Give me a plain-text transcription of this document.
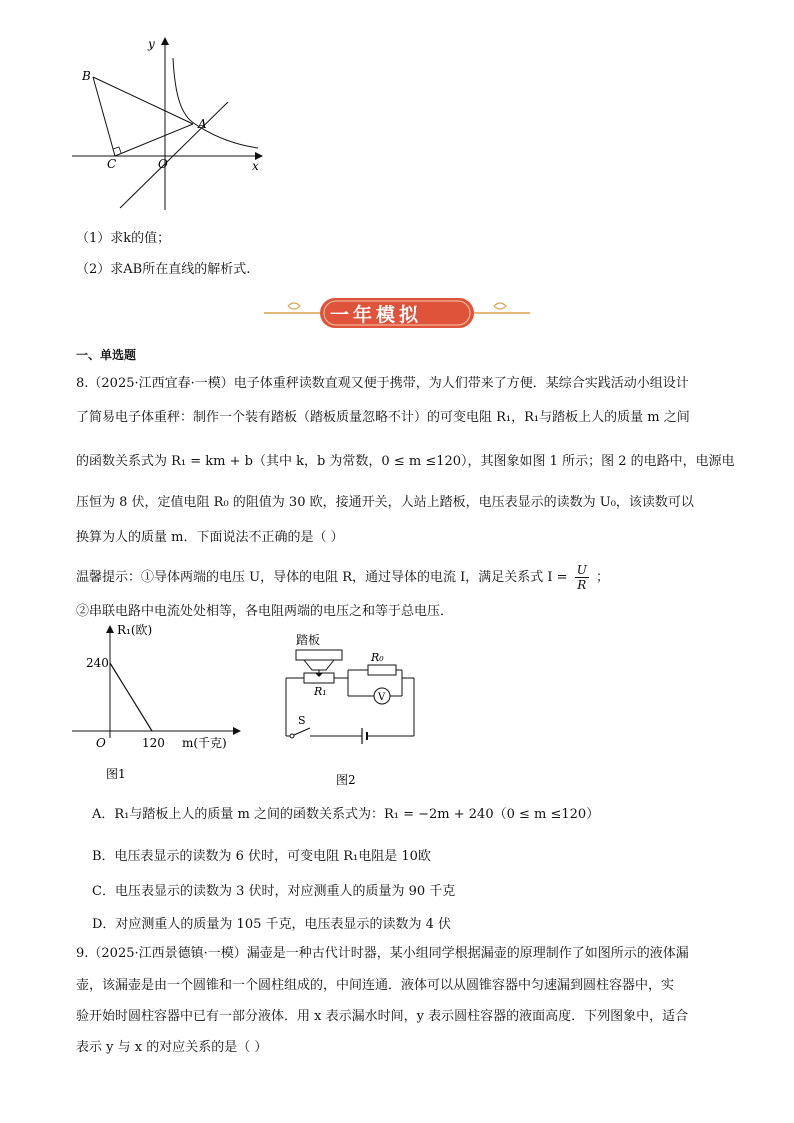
y
x
B
A
C	O
（1）求k的值；
（2）求AB所在直线的解析式.
一年模拟
一、单选题
8.（2025·江西宜春·一模）电子体重秤读数直观又便于携带，为人们带来了方便．某综合实践活动小组设计
了简易电子体重秤：制作一个装有踏板（踏板质量忽略不计）的可变电阻 R₁，R₁与踏板上人的质量 m 之间
的函数关系式为 R₁ = km + b（其中 k，b 为常数，0 ≤ m ≤120），其图象如图 1 所示；图 2 的电路中，电源电
压恒为 8 伏，定值电阻 R₀ 的阻值为 30 欧，接通开关，人站上踏板，电压表显示的读数为 U₀，该读数可以
换算为人的质量 m．下面说法不正确的是（ ）
温馨提示：①导体两端的电压 U，导体的电阻 R，通过导体的电流 I，满足关系式 $I = \frac{U}{R}$ ；
②串联电路中电流处处相等，各电阻两端的电压之和等于总电压．
R₁(欧)
240
O	120 m(千克)
图1
踏板
R₀
R₁	V
S
图2
A．R₁与踏板上人的质量 m 之间的函数关系式为：R₁ = −2m + 240（0 ≤ m ≤120）
B．电压表显示的读数为 6 伏时，可变电阻 R₁电阻是 10欧
C．电压表显示的读数为 3 伏时，对应测重人的质量为 90 千克
D．对应测重人的质量为 105 千克，电压表显示的读数为 4 伏
9.（2025·江西景德镇·一模）漏壶是一种古代计时器，某小组同学根据漏壶的原理制作了如图所示的液体漏
壶，该漏壶是由一个圆锥和一个圆柱组成的，中间连通．液体可以从圆锥容器中匀速漏到圆柱容器中，实
验开始时圆柱容器中已有一部分液体．用 x 表示漏水时间，y 表示圆柱容器的液面高度．下列图象中，适合
表示 y 与 x 的对应关系的是（ ）
